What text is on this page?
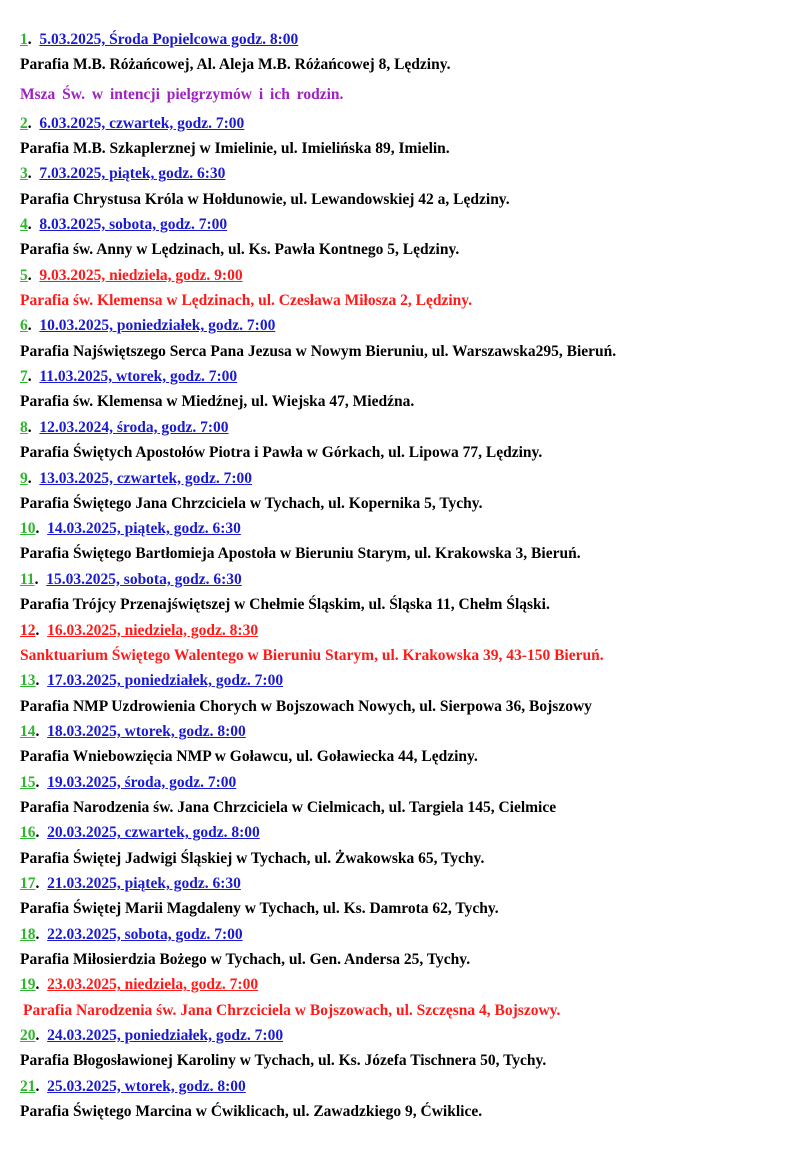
1.  5.03.2025, Środa Popielcowa godz. 8:00
Parafia M.B. Różańcowej, Al. Aleja M.B. Różańcowej 8, Lędziny.
Msza Św. w intencji pielgrzymów i ich rodzin.
2.  6.03.2025, czwartek, godz. 7:00
Parafia M.B. Szkaplerznej w Imielinie, ul. Imielińska 89, Imielin.
3.  7.03.2025, piątek, godz. 6:30
Parafia Chrystusa Króla w Hołdunowie, ul. Lewandowskiej 42 a, Lędziny.
4.  8.03.2025, sobota, godz. 7:00
Parafia św. Anny w Lędzinach, ul. Ks. Pawła Kontnego 5, Lędziny.
5.  9.03.2025, niedziela, godz. 9:00
Parafia św. Klemensa w Lędzinach, ul. Czesława Miłosza 2, Lędziny.
6.  10.03.2025, poniedziałek, godz. 7:00
Parafia Najświętszego Serca Pana Jezusa w Nowym Bieruniu, ul. Warszawska295, Bieruń.
7.  11.03.2025, wtorek, godz. 7:00
Parafia św. Klemensa w Miedźnej, ul. Wiejska 47, Miedźna.
8.  12.03.2024, środa, godz. 7:00
Parafia Świętych Apostołów Piotra i Pawła w Górkach, ul. Lipowa 77, Lędziny.
9.  13.03.2025, czwartek, godz. 7:00
Parafia Świętego Jana Chrzciciela w Tychach, ul. Kopernika 5, Tychy.
10.  14.03.2025, piątek, godz. 6:30
Parafia Świętego Bartłomieja Apostoła w Bieruniu Starym, ul. Krakowska 3, Bieruń.
11.  15.03.2025, sobota, godz. 6:30
Parafia Trójcy Przenajświętszej w Chełmie Śląskim, ul. Śląska 11, Chełm Śląski.
12.  16.03.2025, niedziela, godz. 8:30
Sanktuarium Świętego Walentego w Bieruniu Starym, ul. Krakowska 39, 43-150 Bieruń.
13.  17.03.2025, poniedziałek, godz. 7:00
Parafia NMP Uzdrowienia Chorych w Bojszowach Nowych, ul. Sierpowa 36, Bojszowy
14.  18.03.2025, wtorek, godz. 8:00
Parafia Wniebowzięcia NMP w Goławcu, ul. Goławiecka 44, Lędziny.
15.  19.03.2025, środa, godz. 7:00
Parafia Narodzenia św. Jana Chrzciciela w Cielmicach, ul. Targiela 145, Cielmice
16.  20.03.2025, czwartek, godz. 8:00
Parafia Świętej Jadwigi Śląskiej w Tychach, ul. Żwakowska 65, Tychy.
17.  21.03.2025, piątek, godz. 6:30
Parafia Świętej Marii Magdaleny w Tychach, ul. Ks. Damrota 62, Tychy.
18.  22.03.2025, sobota, godz. 7:00
Parafia Miłosierdzia Bożego w Tychach, ul. Gen. Andersa 25, Tychy.
19.  23.03.2025, niedziela, godz. 7:00
Parafia Narodzenia św. Jana Chrzciciela w Bojszowach, ul. Szczęsna 4, Bojszowy.
20.  24.03.2025, poniedziałek, godz. 7:00
Parafia Błogosławionej Karoliny w Tychach, ul. Ks. Józefa Tischnera 50, Tychy.
21.  25.03.2025, wtorek, godz. 8:00
Parafia Świętego Marcina w Ćwiklicach, ul. Zawadzkiego 9, Ćwiklice.
